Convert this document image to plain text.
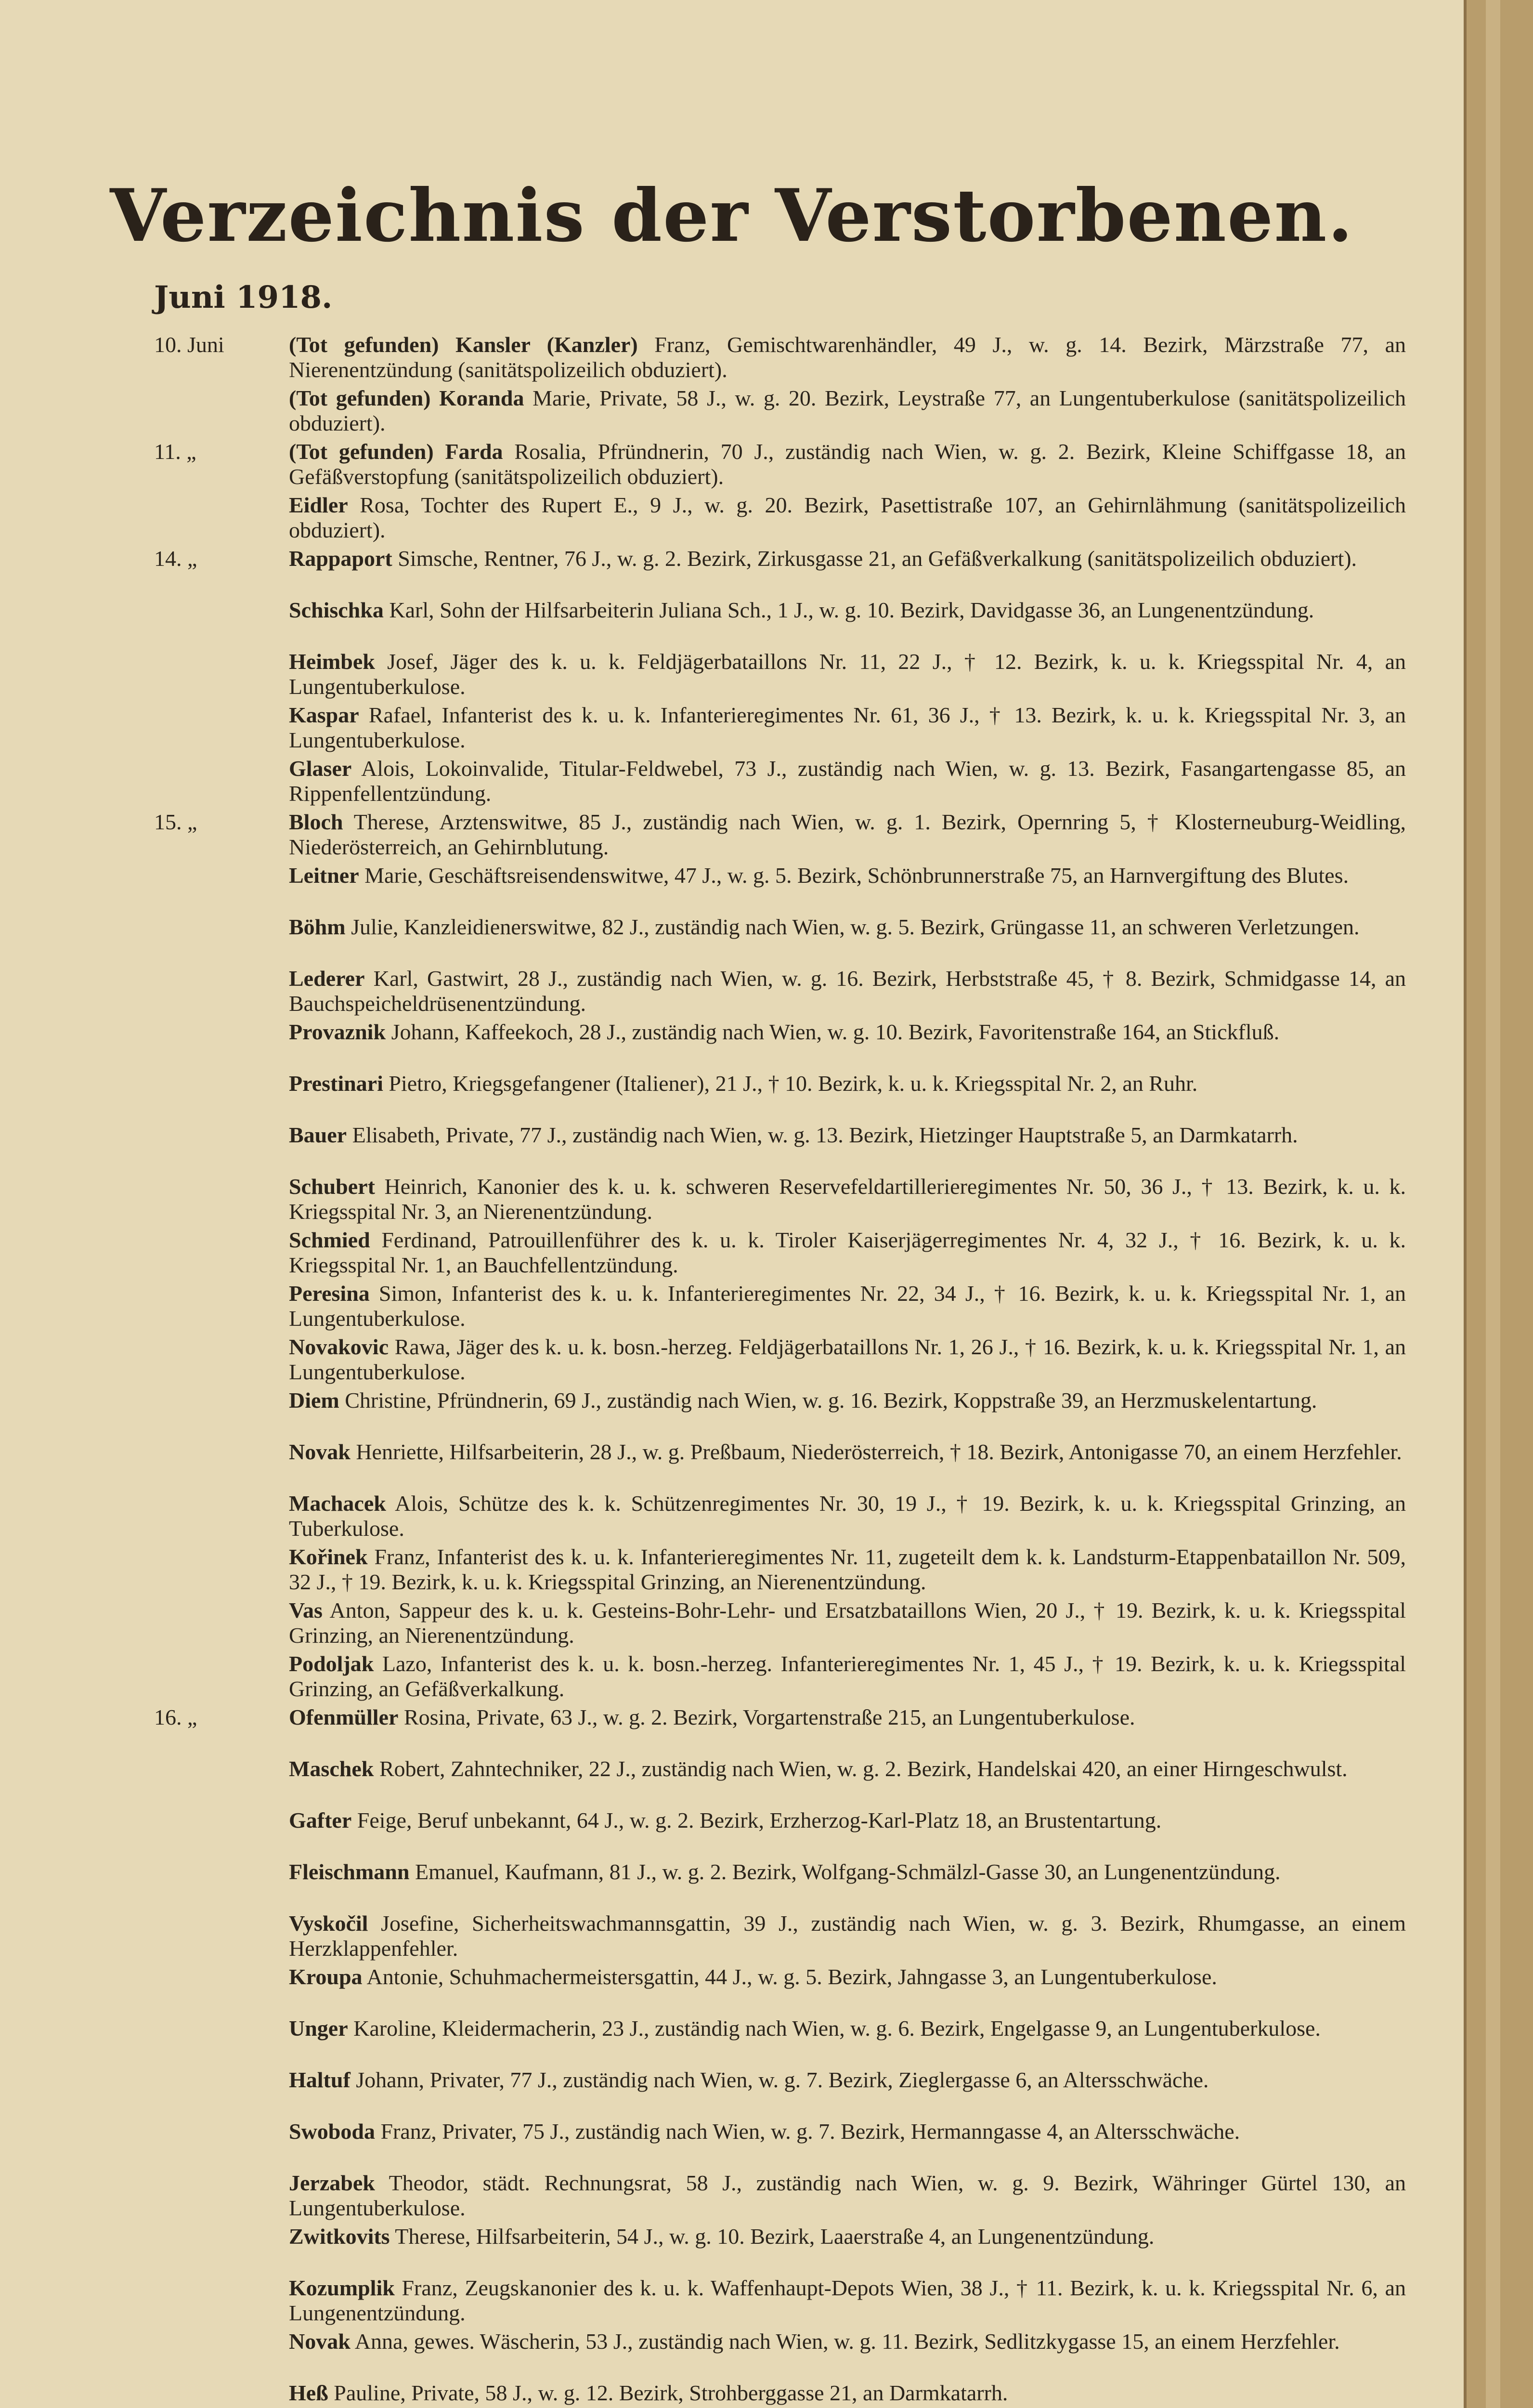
Verzeichnis der Verstorbenen.
Juni 1918.
10. Juni	(Tot gefunden) Kansler (Kanzler) Franz, Gemischtwarenhändler, 49 J., w. g. 14. Bezirk, Märzstraße 77, an Nierenentzündung (sanitätspolizeilich obduziert).
(Tot gefunden) Koranda Marie, Private, 58 J., w. g. 20. Bezirk, Leystraße 77, an Lungentuberkulose (sanitätspolizeilich obduziert).
11. „	(Tot gefunden) Farda Rosalia, Pfründnerin, 70 J., zuständig nach Wien, w. g. 2. Bezirk, Kleine Schiffgasse 18, an Gefäßverstopfung (sanitätspolizeilich obduziert).
Eidler Rosa, Tochter des Rupert E., 9 J., w. g. 20. Bezirk, Pasettistraße 107, an Gehirnlähmung (sanitätspolizeilich obduziert).
14. „	Rappaport Simsche, Rentner, 76 J., w. g. 2. Bezirk, Zirkusgasse 21, an Gefäßverkalkung (sanitätspolizeilich obduziert).
Schischka Karl, Sohn der Hilfsarbeiterin Juliana Sch., 1 J., w. g. 10. Bezirk, Davidgasse 36, an Lungenentzündung.
Heimbek Josef, Jäger des k. u. k. Feldjägerbataillons Nr. 11, 22 J., † 12. Bezirk, k. u. k. Kriegsspital Nr. 4, an Lungentuberkulose.
Kaspar Rafael, Infanterist des k. u. k. Infanterieregimentes Nr. 61, 36 J., † 13. Bezirk, k. u. k. Kriegsspital Nr. 3, an Lungentuberkulose.
Glaser Alois, Lokoinvalide, Titular-Feldwebel, 73 J., zuständig nach Wien, w. g. 13. Bezirk, Fasangartengasse 85, an Rippenfellentzündung.
15. „	Bloch Therese, Arztenswitwe, 85 J., zuständig nach Wien, w. g. 1. Bezirk, Opernring 5, † Klosterneuburg-Weidling, Niederösterreich, an Gehirnblutung.
Leitner Marie, Geschäftsreisendenswitwe, 47 J., w. g. 5. Bezirk, Schönbrunnerstraße 75, an Harnvergiftung des Blutes.
Böhm Julie, Kanzleidienerswitwe, 82 J., zuständig nach Wien, w. g. 5. Bezirk, Grüngasse 11, an schweren Verletzungen.
Lederer Karl, Gastwirt, 28 J., zuständig nach Wien, w. g. 16. Bezirk, Herbststraße 45, † 8. Bezirk, Schmidgasse 14, an Bauchspeicheldrüsenentzündung.
Provaznik Johann, Kaffeekoch, 28 J., zuständig nach Wien, w. g. 10. Bezirk, Favoritenstraße 164, an Stickfluß.
Prestinari Pietro, Kriegsgefangener (Italiener), 21 J., † 10. Bezirk, k. u. k. Kriegsspital Nr. 2, an Ruhr.
Bauer Elisabeth, Private, 77 J., zuständig nach Wien, w. g. 13. Bezirk, Hietzinger Hauptstraße 5, an Darmkatarrh.
Schubert Heinrich, Kanonier des k. u. k. schweren Reservefeldartillerieregimentes Nr. 50, 36 J., † 13. Bezirk, k. u. k. Kriegsspital Nr. 3, an Nierenentzündung.
Schmied Ferdinand, Patrouillenführer des k. u. k. Tiroler Kaiserjägerregimentes Nr. 4, 32 J., † 16. Bezirk, k. u. k. Kriegsspital Nr. 1, an Bauchfellentzündung.
Peresina Simon, Infanterist des k. u. k. Infanterieregimentes Nr. 22, 34 J., † 16. Bezirk, k. u. k. Kriegsspital Nr. 1, an Lungentuberkulose.
Novakovic Rawa, Jäger des k. u. k. bosn.-herzeg. Feldjägerbataillons Nr. 1, 26 J., † 16. Bezirk, k. u. k. Kriegsspital Nr. 1, an Lungentuberkulose.
Diem Christine, Pfründnerin, 69 J., zuständig nach Wien, w. g. 16. Bezirk, Koppstraße 39, an Herzmuskelentartung.
Novak Henriette, Hilfsarbeiterin, 28 J., w. g. Preßbaum, Niederösterreich, † 18. Bezirk, Antonigasse 70, an einem Herzfehler.
Machacek Alois, Schütze des k. k. Schützenregimentes Nr. 30, 19 J., † 19. Bezirk, k. u. k. Kriegsspital Grinzing, an Tuberkulose.
Kořinek Franz, Infanterist des k. u. k. Infanterieregimentes Nr. 11, zugeteilt dem k. k. Landsturm-Etappenbataillon Nr. 509, 32 J., † 19. Bezirk, k. u. k. Kriegsspital Grinzing, an Nierenentzündung.
Vas Anton, Sappeur des k. u. k. Gesteins-Bohr-Lehr- und Ersatzbataillons Wien, 20 J., † 19. Bezirk, k. u. k. Kriegsspital Grinzing, an Nierenentzündung.
Podoljak Lazo, Infanterist des k. u. k. bosn.-herzeg. Infanterieregimentes Nr. 1, 45 J., † 19. Bezirk, k. u. k. Kriegsspital Grinzing, an Gefäßverkalkung.
16. „	Ofenmüller Rosina, Private, 63 J., w. g. 2. Bezirk, Vorgartenstraße 215, an Lungentuberkulose.
Maschek Robert, Zahntechniker, 22 J., zuständig nach Wien, w. g. 2. Bezirk, Handelskai 420, an einer Hirngeschwulst.
Gafter Feige, Beruf unbekannt, 64 J., w. g. 2. Bezirk, Erzherzog-Karl-Platz 18, an Brustentartung.
Fleischmann Emanuel, Kaufmann, 81 J., w. g. 2. Bezirk, Wolfgang-Schmälzl-Gasse 30, an Lungenentzündung.
Vyskočil Josefine, Sicherheitswachmannsgattin, 39 J., zuständig nach Wien, w. g. 3. Bezirk, Rhumgasse, an einem Herzklappenfehler.
Kroupa Antonie, Schuhmachermeistersgattin, 44 J., w. g. 5. Bezirk, Jahngasse 3, an Lungentuberkulose.
Unger Karoline, Kleidermacherin, 23 J., zuständig nach Wien, w. g. 6. Bezirk, Engelgasse 9, an Lungentuberkulose.
Haltuf Johann, Privater, 77 J., zuständig nach Wien, w. g. 7. Bezirk, Zieglergasse 6, an Altersschwäche.
Swoboda Franz, Privater, 75 J., zuständig nach Wien, w. g. 7. Bezirk, Hermanngasse 4, an Altersschwäche.
Jerzabek Theodor, städt. Rechnungsrat, 58 J., zuständig nach Wien, w. g. 9. Bezirk, Währinger Gürtel 130, an Lungentuberkulose.
Zwitkovits Therese, Hilfsarbeiterin, 54 J., w. g. 10. Bezirk, Laaerstraße 4, an Lungenentzündung.
Kozumplik Franz, Zeugskanonier des k. u. k. Waffenhaupt-Depots Wien, 38 J., † 11. Bezirk, k. u. k. Kriegsspital Nr. 6, an Lungenentzündung.
Novak Anna, gewes. Wäscherin, 53 J., zuständig nach Wien, w. g. 11. Bezirk, Sedlitzkygasse 15, an einem Herzfehler.
Heß Pauline, Private, 58 J., w. g. 12. Bezirk, Strohberggasse 21, an Darmkatarrh.
